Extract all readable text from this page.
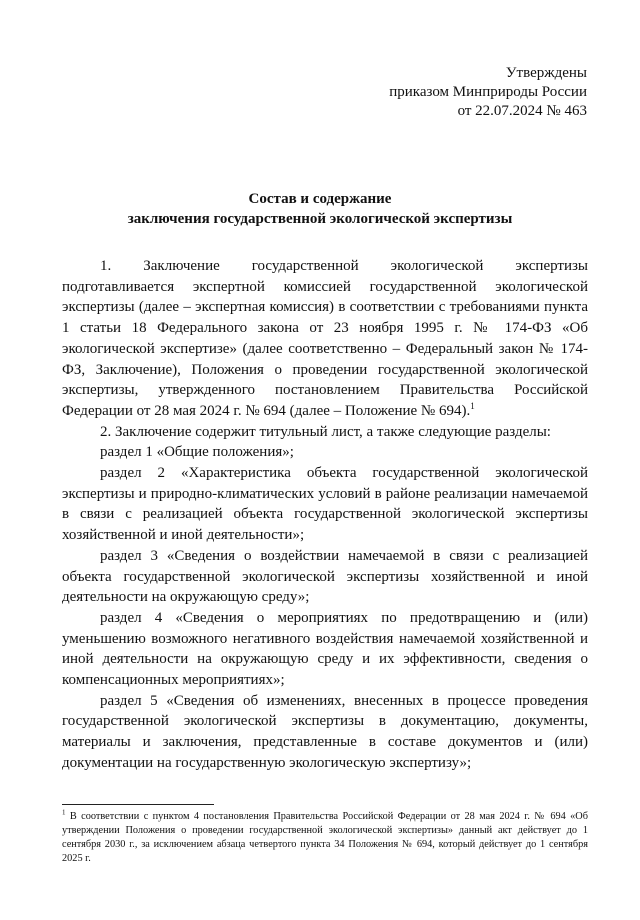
Утверждены
приказом Минприроды России
от 22.07.2024 № 463
Состав и содержание
заключения государственной экологической экспертизы

1. Заключение государственной экологической экспертизы подготавливается экспертной комиссией государственной экологической экспертизы (далее – экспертная комиссия) в соответствии с требованиями пункта 1 статьи 18 Федерального закона от 23 ноября 1995 г. № 174-ФЗ «Об экологической экспертизе» (далее соответственно – Федеральный закон № 174-ФЗ, Заключение), Положения о проведении государственной экологической экспертизы, утвержденного постановлением Правительства Российской Федерации от 28 мая 2024 г. № 694 (далее – Положение № 694).$^1$

2. Заключение содержит титульный лист, а также следующие разделы:

раздел 1 «Общие положения»;

раздел 2 «Характеристика объекта государственной экологической экспертизы и природно-климатических условий в районе реализации намечаемой в связи с реализацией объекта государственной экологической экспертизы хозяйственной и иной деятельности»;

раздел 3 «Сведения о воздействии намечаемой в связи с реализацией объекта государственной экологической экспертизы хозяйственной и иной деятельности на окружающую среду»;

раздел 4 «Сведения о мероприятиях по предотвращению и (или) уменьшению возможного негативного воздействия намечаемой хозяйственной и иной деятельности на окружающую среду и их эффективности, сведения о компенсационных мероприятиях»;

раздел 5 «Сведения об изменениях, внесенных в процессе проведения государственной экологической экспертизы в документацию, документы, материалы и заключения, представленные в составе документов и (или) документации на государственную экологическую экспертизу»;

$^1$ В соответствии с пунктом 4 постановления Правительства Российской Федерации от 28 мая 2024 г. № 694 «Об утверждении Положения о проведении государственной экологической экспертизы» данный акт действует до 1 сентября 2030 г., за исключением абзаца четвертого пункта 34 Положения № 694, который действует до 1 сентября 2025 г.
